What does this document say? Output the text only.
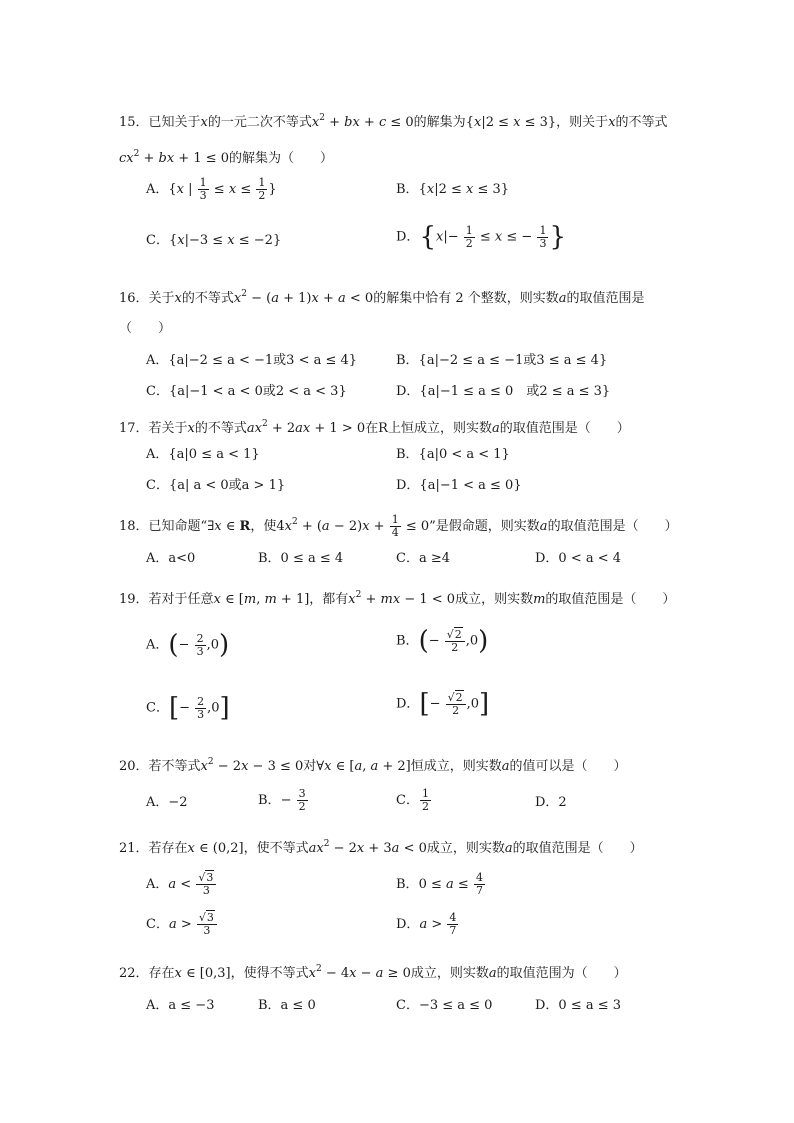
15．已知关于x的一元二次不等式$x^2$ + bx + c ≤ 0的解集为{x|2 ≤ x ≤ 3}，则关于x的不等式
$cx^2$ + bx + 1 ≤ 0的解集为（　　）
A．{x | $\frac{1}{3} \le x \le \frac{1}{2}$ }	B．{x|2 ≤ x ≤ 3}
C．{x|−3 ≤ x ≤ −2}	D．{$x|- \frac{1}{2} \le x$ ≤ − $\frac{1}{3}$ }
16．关于x的不等式$x^2 - (a + 1)x + a < 0$的解集中恰有 2 个整数，则实数a的取值范围是
（　　）
A．{a|−2 ≤ a < −1或3 < a ≤ 4}	B．{a|−2 ≤ a ≤ −1或3 ≤ a ≤ 4}
C．{a|−1 < a < 0或2 < a < 3}	D．{a|−1 ≤ a ≤ 0　或2 ≤ a ≤ 3}
17．若关于x的不等式$ax^2 + 2ax + 1 > 0$在R上恒成立，则实数a的取值范围是（　　）
A．{a|0 ≤ a < 1}	B．{a|0 < a < 1}
C．{a| a < 0或a > 1}	D．{a|−1 < a ≤ 0}
18．已知命题“∃x ∈ R，使$4x^2 + (a - 2)x + \frac{1}{4} \le 0$”是假命题，则实数a的取值范围是（　　）
A．a<0	B．0 ≤ a ≤ 4	C．a ≥4	D．0 < a < 4
19．若对于任意x ∈ [m, m + 1]，都有$x^2$ + mx − 1 < 0成立，则实数m的取值范围是（　　）
A．(− $\frac{2}{3} ,0$)	B．(− $\frac{√2}{2} ,0$)
C．[− $\frac{2}{3} ,0$]	D．[− $\frac{√2}{2} ,0$]
20．若不等式$x^2 - 2x - 3 \le 0$对∀x ∈ [a, a + 2]恒成立，则实数a的值可以是（　　）
A．−2	B．− $\frac{3}{2}$	C． $\frac{1}{2}$	D．2
21．若存在x ∈ (0,2]，使不等式$ax^2 - 2x + 3a < 0$成立，则实数a的取值范围是（　　）
A．$a < \frac{√3}{3}$	B．$0 \le a \le \frac{4}{7}$
C．$a > \frac{√3}{3}$	D．$a > \frac{4}{7}$
22．存在x ∈ [0,3]，使得不等式$x^2 - 4x - a \ge 0$成立，则实数a的取值范围为（　　）
A．a ≤ −3	B．a ≤ 0	C．−3 ≤ a ≤ 0	D．0 ≤ a ≤ 3
